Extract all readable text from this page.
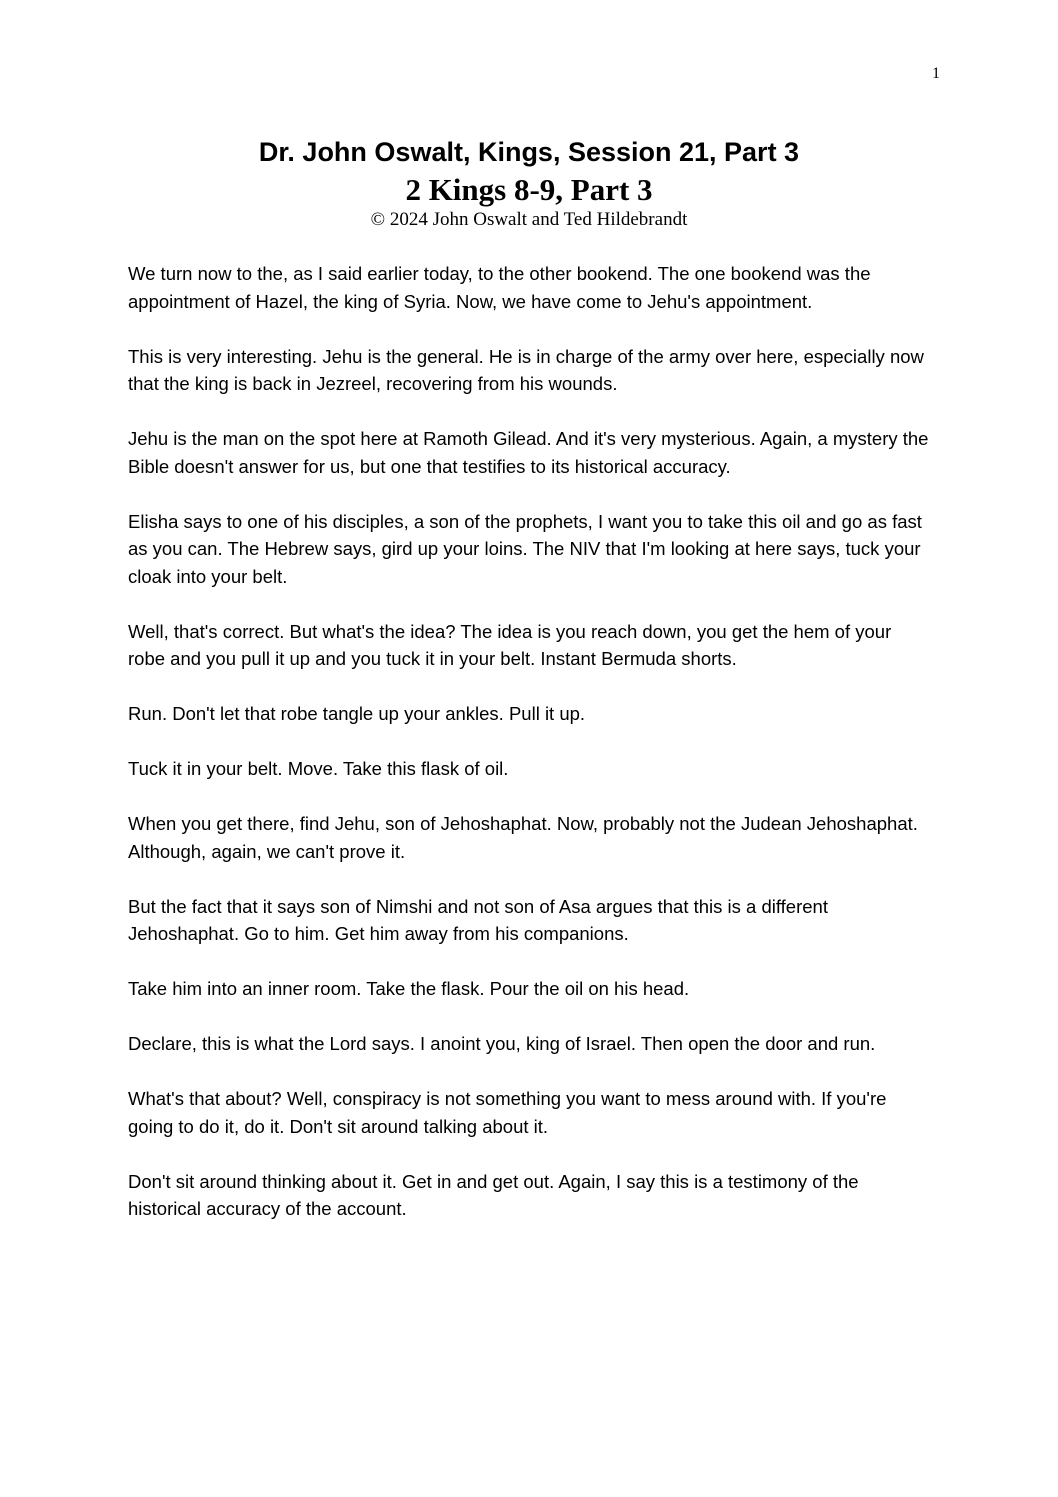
1
Dr. John Oswalt, Kings, Session 21, Part 3
2 Kings 8-9, Part 3
© 2024 John Oswalt and Ted Hildebrandt

We turn now to the, as I said earlier today, to the other bookend. The one bookend was the appointment of Hazel, the king of Syria. Now, we have come to Jehu's appointment.

This is very interesting. Jehu is the general. He is in charge of the army over here, especially now that the king is back in Jezreel, recovering from his wounds.

Jehu is the man on the spot here at Ramoth Gilead. And it's very mysterious. Again, a mystery the Bible doesn't answer for us, but one that testifies to its historical accuracy.

Elisha says to one of his disciples, a son of the prophets, I want you to take this oil and go as fast as you can. The Hebrew says, gird up your loins. The NIV that I'm looking at here says, tuck your cloak into your belt.

Well, that's correct. But what's the idea? The idea is you reach down, you get the hem of your robe and you pull it up and you tuck it in your belt. Instant Bermuda shorts.

Run. Don't let that robe tangle up your ankles. Pull it up.

Tuck it in your belt. Move. Take this flask of oil.

When you get there, find Jehu, son of Jehoshaphat. Now, probably not the Judean Jehoshaphat. Although, again, we can't prove it.

But the fact that it says son of Nimshi and not son of Asa argues that this is a different Jehoshaphat. Go to him. Get him away from his companions.

Take him into an inner room. Take the flask. Pour the oil on his head.

Declare, this is what the Lord says. I anoint you, king of Israel. Then open the door and run.

What's that about? Well, conspiracy is not something you want to mess around with. If you're going to do it, do it. Don't sit around talking about it.

Don't sit around thinking about it. Get in and get out. Again, I say this is a testimony of the historical accuracy of the account.
